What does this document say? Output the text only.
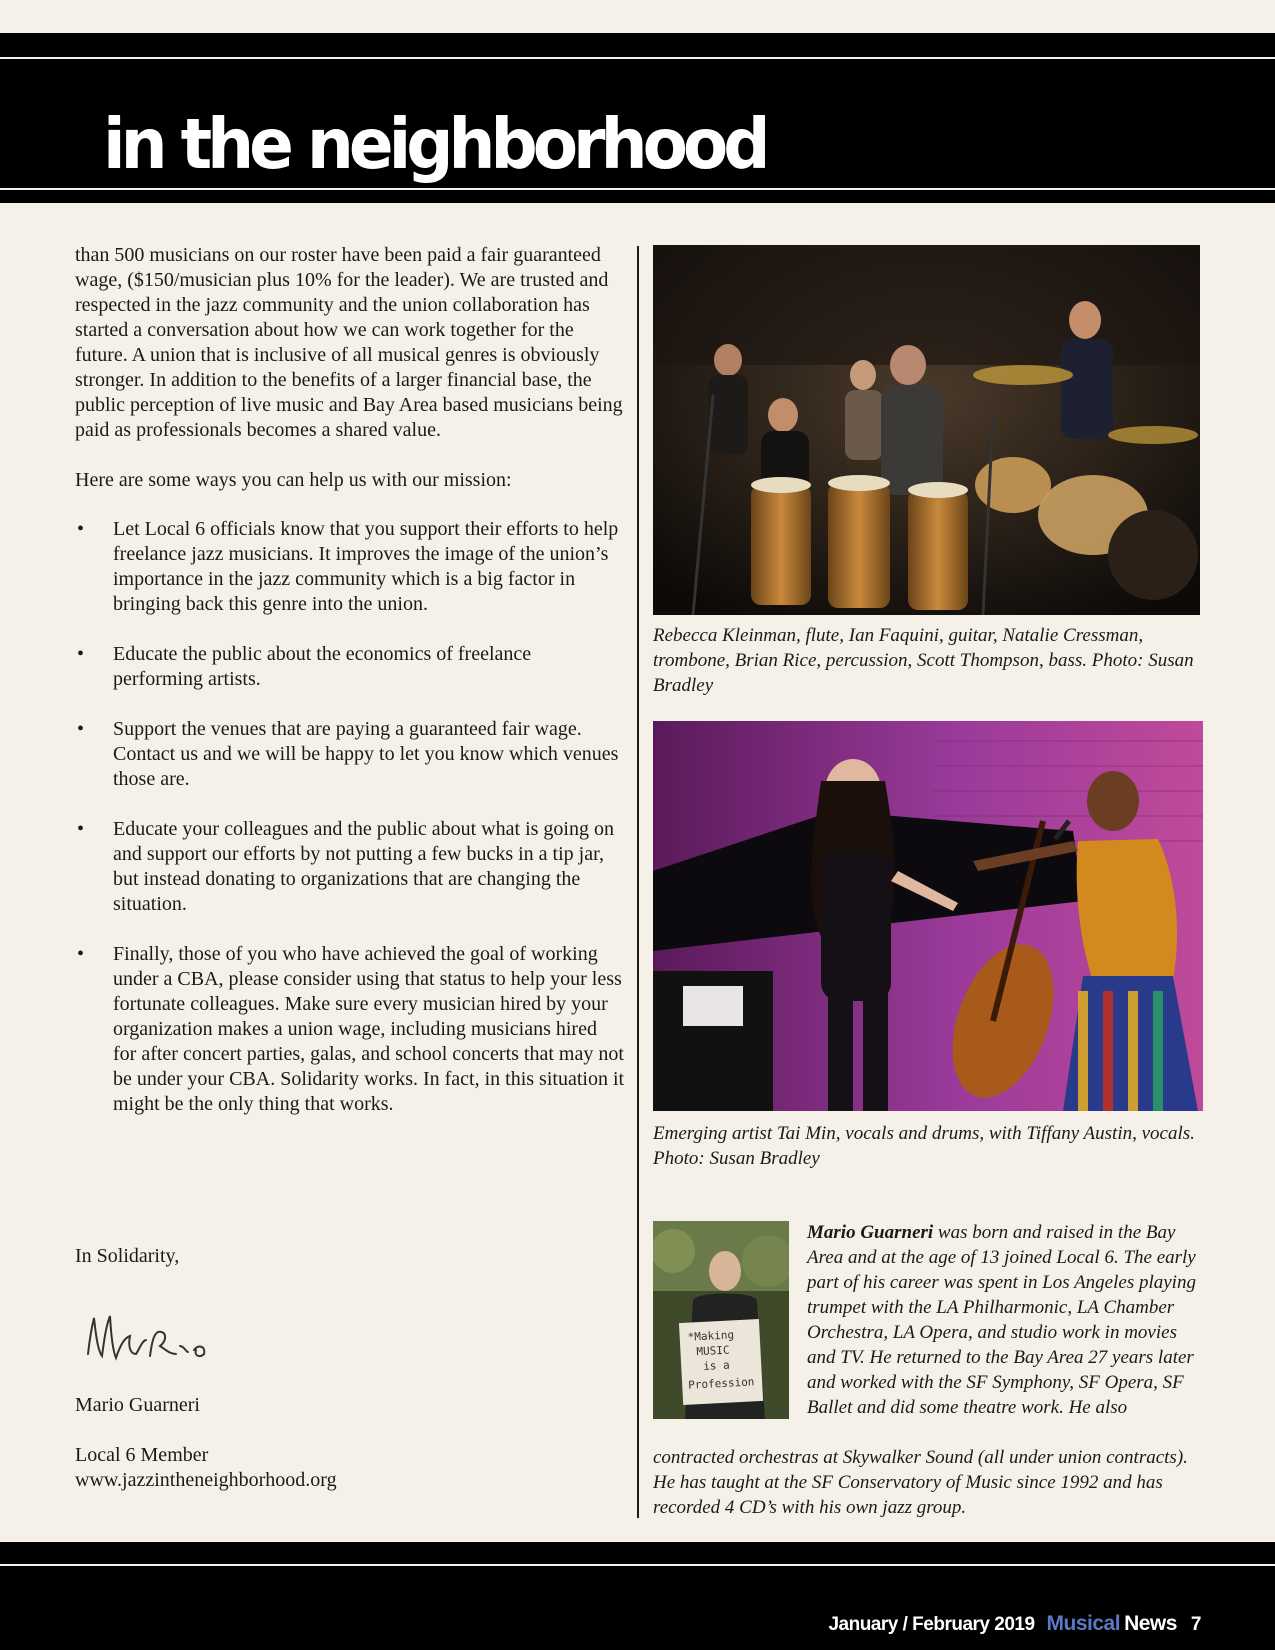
in the neighborhood

than 500 musicians on our roster have been paid a fair guaranteed wage, ($150/musician plus 10% for the leader). We are trusted and respected in the jazz community and the union collaboration has started a conversation about how we can work together for the future. A union that is inclusive of all musical genres is obviously stronger. In addition to the benefits of a larger financial base, the public perception of live music and Bay Area based musicians being paid as professionals becomes a shared value.

Here are some ways you can help us with our mission:

• Let Local 6 officials know that you support their efforts to help freelance jazz musicians. It improves the image of the union’s importance in the jazz community which is a big factor in bringing back this genre into the union.
• Educate the public about the economics of freelance performing artists.
• Support the venues that are paying a guaranteed fair wage. Contact us and we will be happy to let you know which venues those are.
• Educate your colleagues and the public about what is going on and support our efforts by not putting a few bucks in a tip jar, but instead donating to organizations that are changing the situation.
• Finally, those of you who have achieved the goal of working under a CBA, please consider using that status to help your less fortunate colleagues. Make sure every musician hired by your organization makes a union wage, including musicians hired for after concert parties, galas, and school concerts that may not be under your CBA. Solidarity works. In fact, in this situation it might be the only thing that works.
In Solidarity,
Mario Guarneri
Local 6 Member
www.jazzintheneighborhood.org
Rebecca Kleinman, flute, Ian Faquini, guitar, Natalie Cressman, trombone, Brian Rice, percussion, Scott Thompson, bass. Photo: Susan Bradley
Emerging artist Tai Min, vocals and drums, with Tiffany Austin, vocals. Photo: Susan Bradley
*Making
MUSIC
is a
Profession
Mario Guarneri was born and raised in the Bay Area and at the age of 13 joined Local 6. The early part of his career was spent in Los Angeles playing trumpet with the LA Philharmonic, LA Chamber Orchestra, LA Opera, and studio work in movies and TV. He returned to the Bay Area 27 years later and worked with the SF Symphony, SF Opera, SF Ballet and did some theatre work. He also
contracted orchestras at Skywalker Sound (all under union contracts). He has taught at the SF Conservatory of Music since 1992 and has recorded 4 CD’s with his own jazz group.
January / February 2019 Musical News 7
